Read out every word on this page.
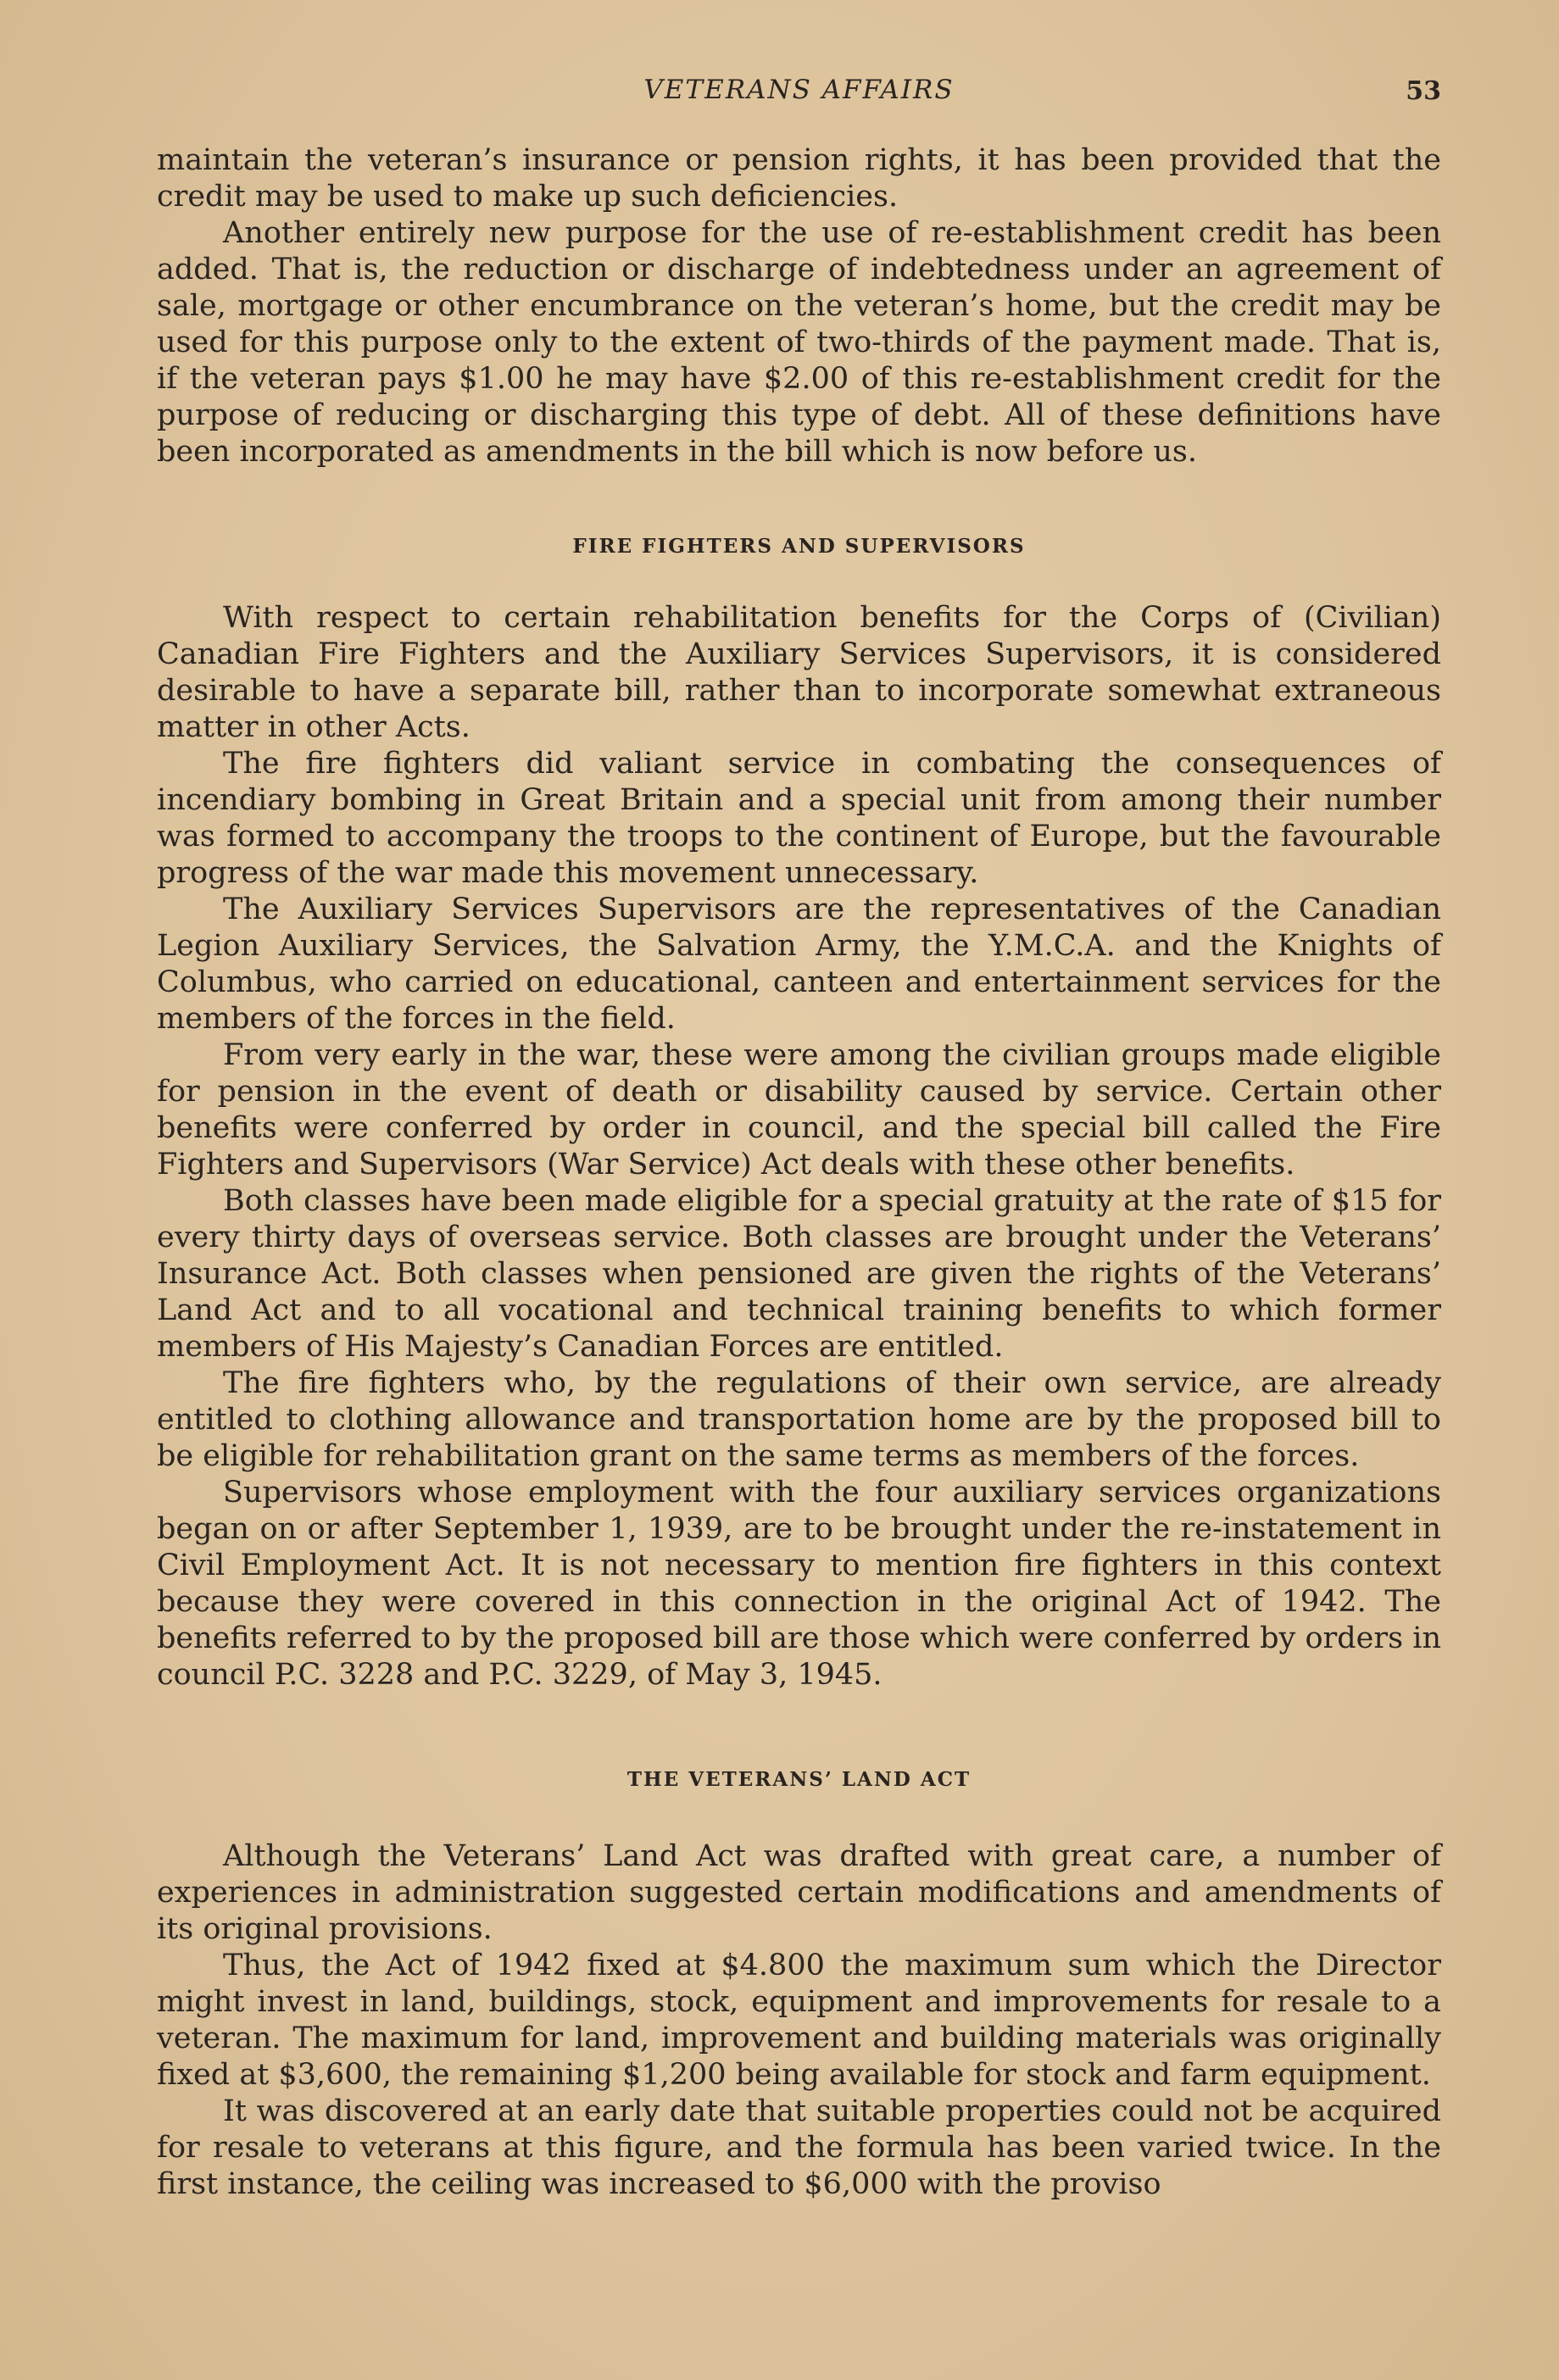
VETERANS AFFAIRS	53

maintain the veteran’s insurance or pension rights, it has been provided that the credit may be used to make up such deficiencies.

Another entirely new purpose for the use of re-establishment credit has been added. That is, the reduction or discharge of indebtedness under an agreement of sale, mortgage or other encumbrance on the veteran’s home, but the credit may be used for this purpose only to the extent of two-thirds of the payment made. That is, if the veteran pays $1.00 he may have $2.00 of this re-establishment credit for the purpose of reducing or discharging this type of debt. All of these definitions have been incorporated as amendments in the bill which is now before us.

FIRE FIGHTERS AND SUPERVISORS

With respect to certain rehabilitation benefits for the Corps of (Civilian) Canadian Fire Fighters and the Auxiliary Services Supervisors, it is considered desirable to have a separate bill, rather than to incorporate somewhat extraneous matter in other Acts.

The fire fighters did valiant service in combating the consequences of incendiary bombing in Great Britain and a special unit from among their number was formed to accompany the troops to the continent of Europe, but the favourable progress of the war made this movement unnecessary.

The Auxiliary Services Supervisors are the representatives of the Canadian Legion Auxiliary Services, the Salvation Army, the Y.M.C.A. and the Knights of Columbus, who carried on educational, canteen and entertainment services for the members of the forces in the field.

From very early in the war, these were among the civilian groups made eligible for pension in the event of death or disability caused by service. Certain other benefits were conferred by order in council, and the special bill called the Fire Fighters and Supervisors (War Service) Act deals with these other benefits.

Both classes have been made eligible for a special gratuity at the rate of $15 for every thirty days of overseas service. Both classes are brought under the Veterans’ Insurance Act. Both classes when pensioned are given the rights of the Veterans’ Land Act and to all vocational and technical training benefits to which former members of His Majesty’s Canadian Forces are entitled.

The fire fighters who, by the regulations of their own service, are already entitled to clothing allowance and transportation home are by the proposed bill to be eligible for rehabilitation grant on the same terms as members of the forces.

Supervisors whose employment with the four auxiliary services organizations began on or after September 1, 1939, are to be brought under the re-instatement in Civil Employment Act. It is not necessary to mention fire fighters in this context because they were covered in this connection in the original Act of 1942. The benefits referred to by the proposed bill are those which were conferred by orders in council P.C. 3228 and P.C. 3229, of May 3, 1945.

THE VETERANS’ LAND ACT

Although the Veterans’ Land Act was drafted with great care, a number of experiences in administration suggested certain modifications and amendments of its original provisions.

Thus, the Act of 1942 fixed at $4.800 the maximum sum which the Director might invest in land, buildings, stock, equipment and improvements for resale to a veteran. The maximum for land, improvement and building materials was originally fixed at $3,600, the remaining $1,200 being available for stock and farm equipment.

It was discovered at an early date that suitable properties could not be acquired for resale to veterans at this figure, and the formula has been varied twice. In the first instance, the ceiling was increased to $6,000 with the proviso
